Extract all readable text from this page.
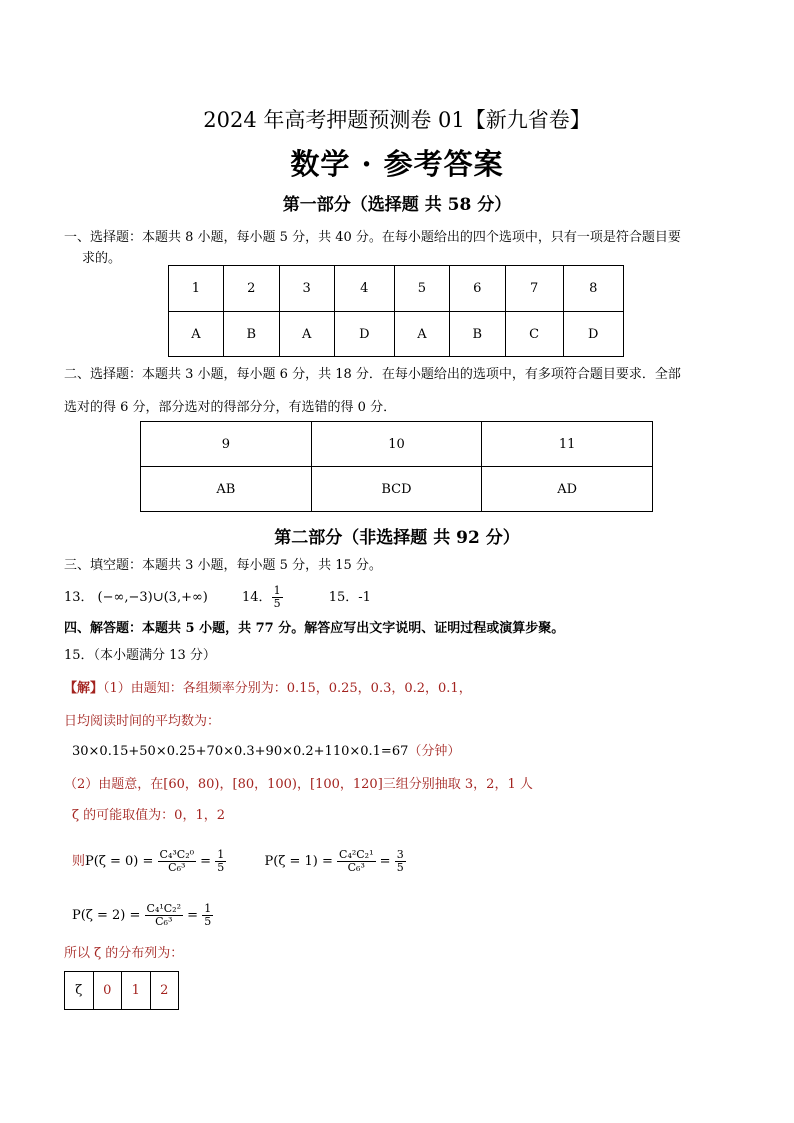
2024 年高考押题预测卷 01【新九省卷】
数学 · 参考答案
第一部分（选择题 共 58 分）
一、选择题：本题共 8 小题，每小题 5 分，共 40 分。在每小题给出的四个选项中，只有一项是符合题目要
求的。
1	2	3	4	5	6	7	8
A	B	A	D	A	B	C	D
二、选择题：本题共 3 小题，每小题 6 分，共 18 分．在每小题给出的选项中，有多项符合题目要求．全部
选对的得 6 分，部分选对的得部分分，有选错的得 0 分．
9	10	11
AB	BCD	AD
第二部分（非选择题 共 92 分）
三、填空题：本题共 3 小题，每小题 5 分，共 15 分。
13． (−∞,−3)∪(3,+∞)	14． $\frac{1}{5}$	15．-1
四、解答题：本题共 5 小题，共 77 分。解答应写出文字说明、证明过程或演算步聚。
15．（本小题满分 13 分）
【解】（1）由题知：各组频率分别为：0.15，0.25，0.3，0.2，0.1，
日均阅读时间的平均数为：
30×0.15+50×0.25+70×0.3+90×0.2+110×0.1=67（分钟）
（2）由题意，在[60，80)，[80，100)，[100，120]三组分别抽取 3，2，1 人
ζ 的可能取值为：0，1，2
则$P(\zeta = 0) = \frac{\text{C₄³C₂⁰}}{\text{C₆³}} = \frac{1}{5}$	$P(\zeta = 1) = \frac{\text{C₄²C₂¹}}{\text{C₆³}} = \frac{3}{5}$
$P(\zeta = 2) = \frac{\text{C₄¹C₂²}}{\text{C₆³}} = \frac{1}{5}$
所以 ζ 的分布列为：
ζ	0	1	2
